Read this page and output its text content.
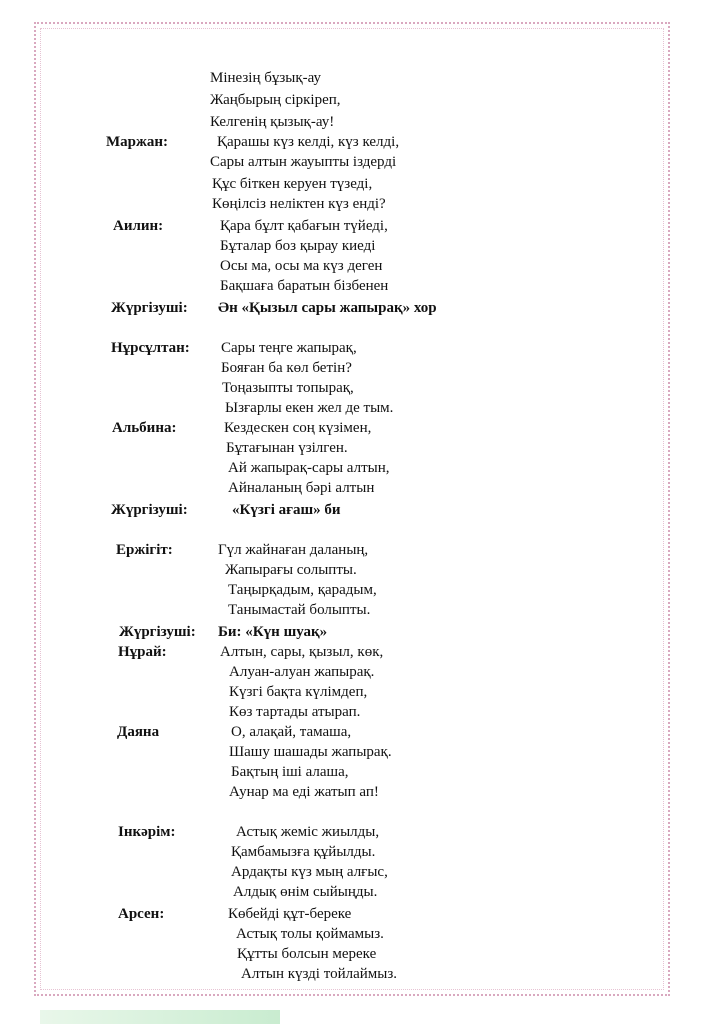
Мінезің бұзық-ау
Жаңбырың сіркіреп,
Келгенің қызық-ау!
Маржан:	Қарашы күз келді, күз келді,
Сары алтын жауыпты іздерді
Құс біткен керуен түзеді,
Көңілсіз неліктен күз енді?
Аилин:	Қара бұлт қабағын түйеді,
Бұталар боз қырау киеді
Осы ма, осы ма күз деген
Бақшаға баратын бізбенен
Жүргізуші: Ән «Қызыл сары жапырақ» хор
Нұрсұлтан: Сары теңге жапырақ,
Бояған ба көл бетін?
Тоңазыпты топырақ,
Ызғарлы екен жел де тым.
Альбина:	Кездескен соң күзімен,
Бұтағынан үзілген.
Ай жапырақ-сары алтын,
Айналаның бәрі алтын
Жүргізуші:	«Күзгі ағаш» би
Ержігіт:	Гүл жайнаған даланың,
Жапырағы солыпты.
Таңырқадым, қарадым,
Танымастай болыпты.
Жүргізуші: Би: «Күн шуақ»
Нұрай:	Алтын, сары, қызыл, көк,
Алуан-алуан жапырақ.
Күзгі бақта күлімдеп,
Көз тартады атырап.
Даяна	О, алақай, тамаша,
Шашу шашады жапырақ.
Бақтың іші алаша,
Аунар ма еді жатып ап!
Інкәрім:	Астық жеміс жиылды,
Қамбамызға құйылды.
Ардақты күз мың алғыс,
Алдық өнім сыйыңды.
Арсен:	Көбейді құт-береке
Астық толы қоймамыз.
Құтты болсын мереке
Алтын күзді тойлаймыз.
